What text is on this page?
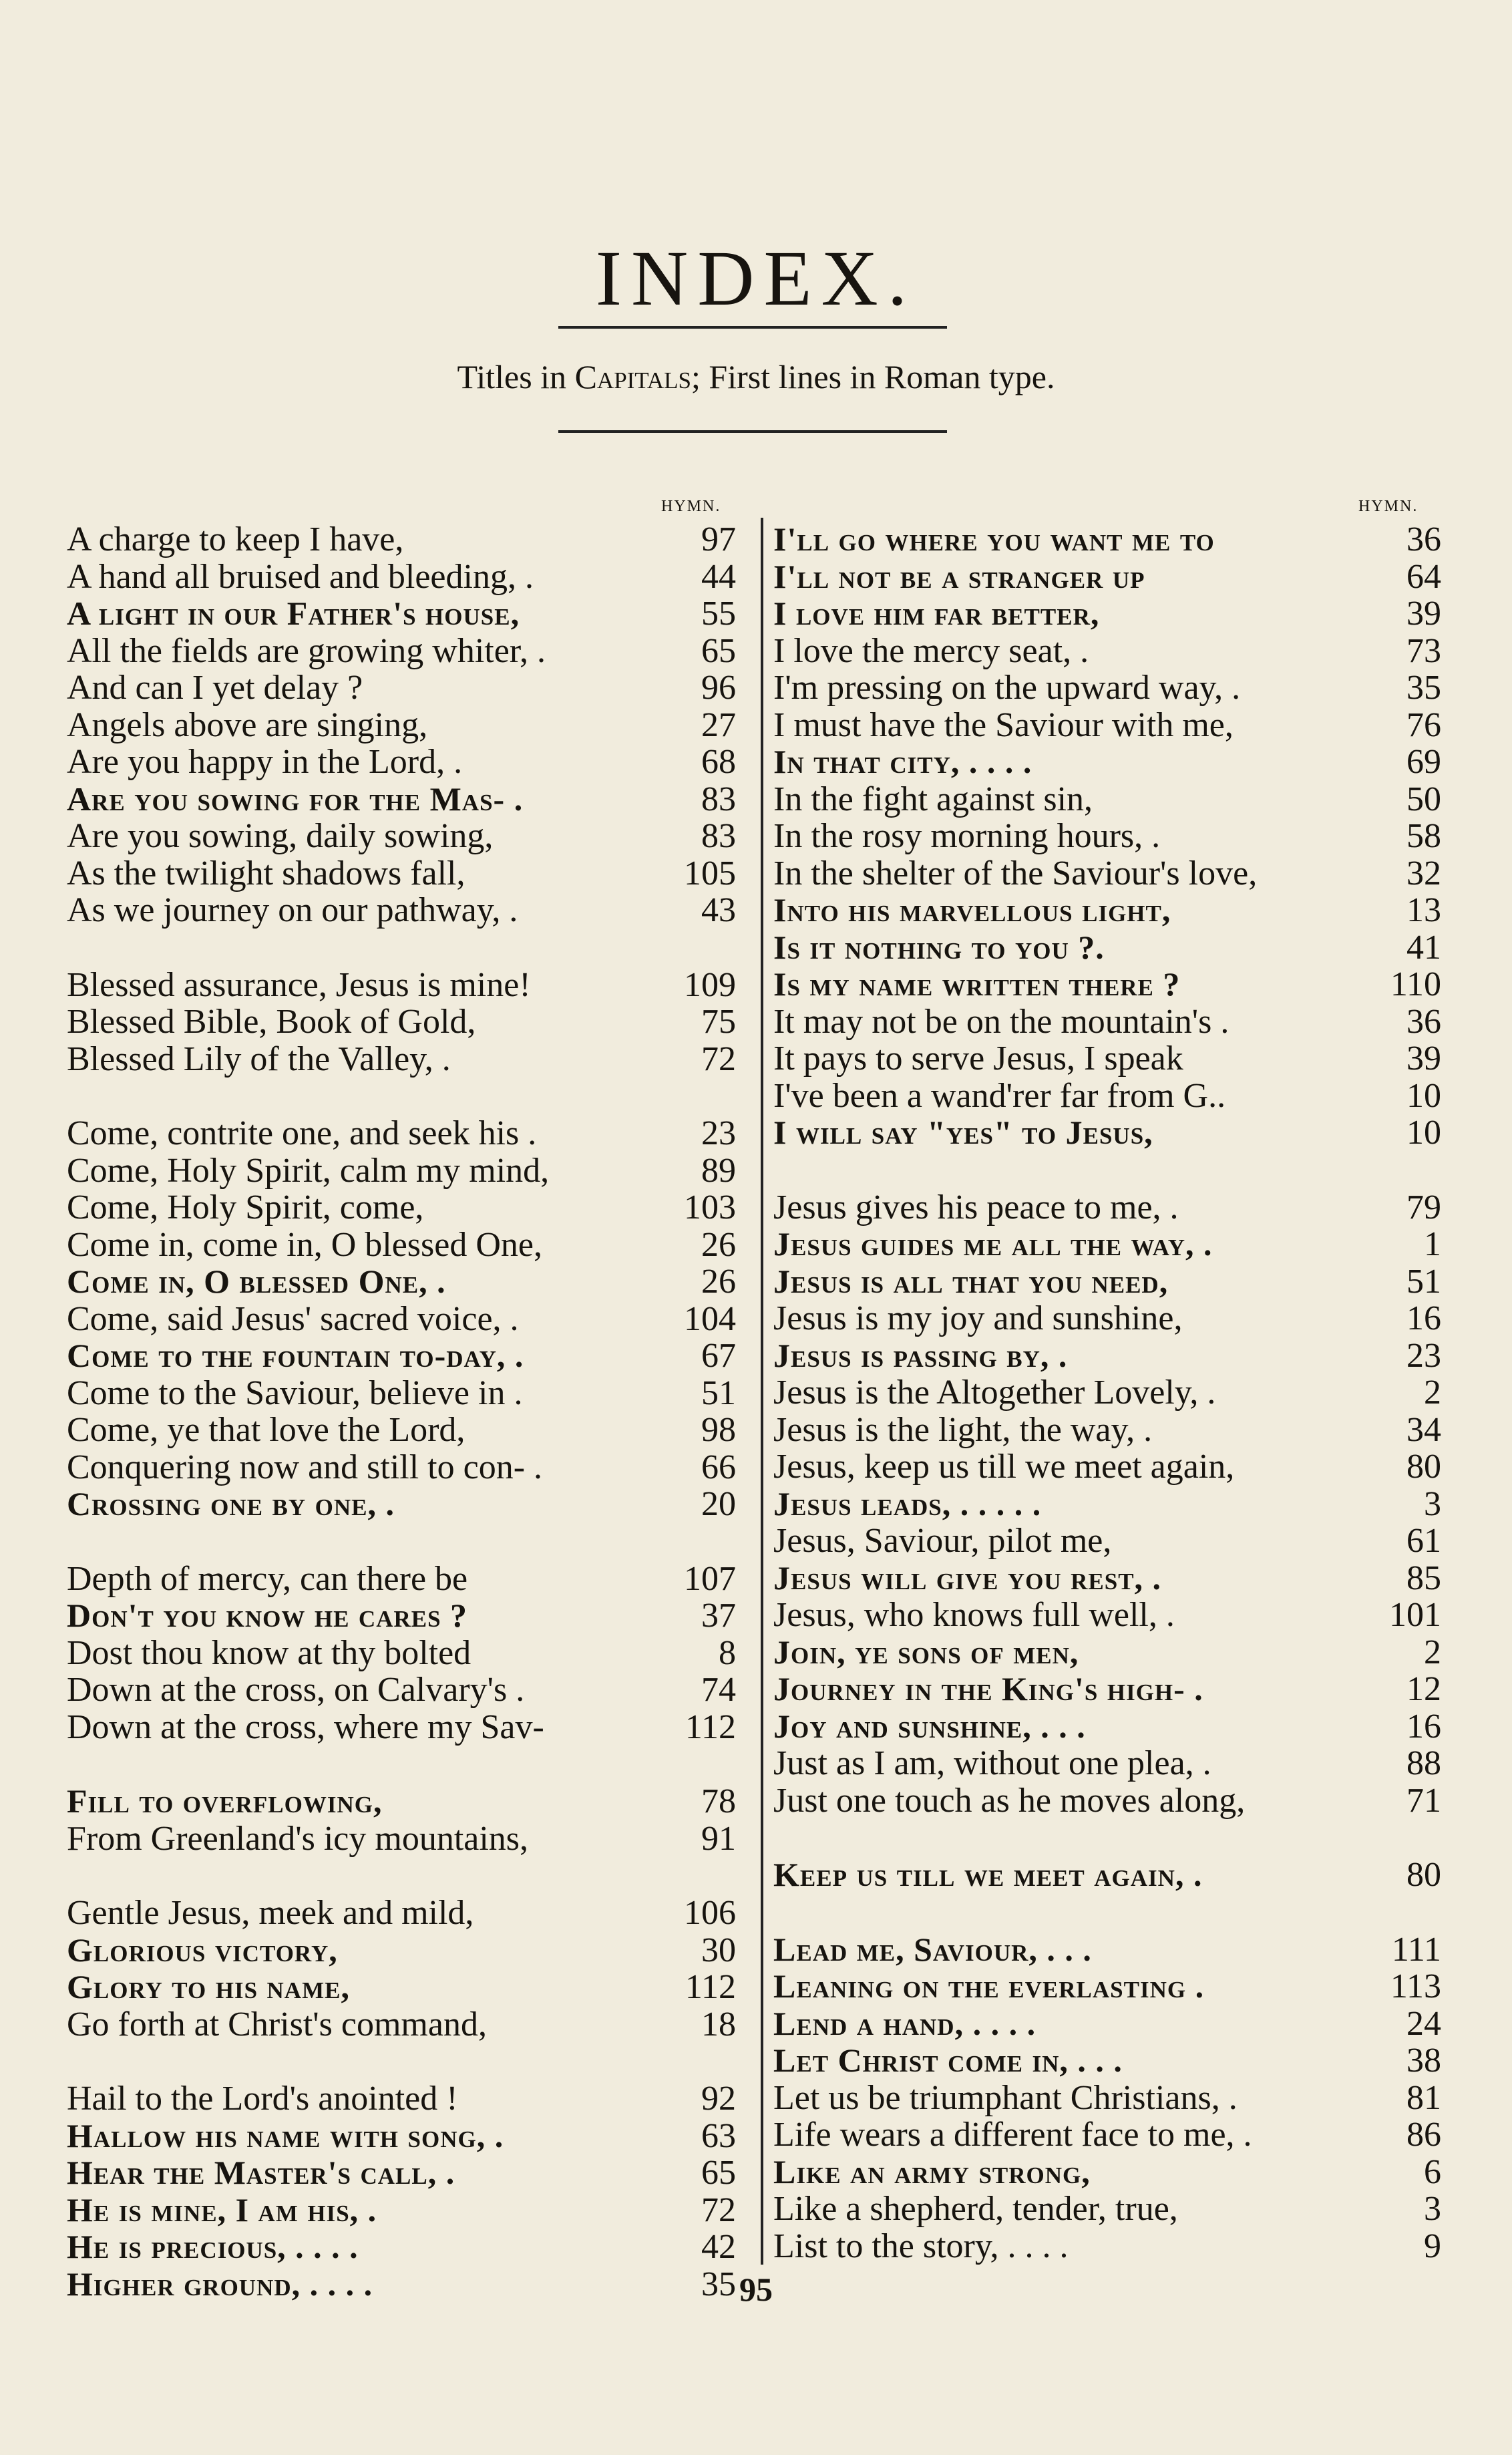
INDEX.
Titles in Capitals; First lines in Roman type.
HYMN.	HYMN.
A charge to keep I have,	97
A hand all bruised and bleeding, .	44
A light in our Father's house,	55
All the fields are growing whiter, .	65
And can I yet delay ?	96
Angels above are singing,	27
Are you happy in the Lord, .	68
Are you sowing for the Mas- .	83
Are you sowing, daily sowing,	83
As the twilight shadows fall,	105
As we journey on our pathway, .	43
Blessed assurance, Jesus is mine!	109
Blessed Bible, Book of Gold,	75
Blessed Lily of the Valley, .	72
Come, contrite one, and seek his .	23
Come, Holy Spirit, calm my mind,	89
Come, Holy Spirit, come,	103
Come in, come in, O blessed One,	26
Come in, O blessed One, .	26
Come, said Jesus' sacred voice, .	104
Come to the fountain to-day, .	67
Come to the Saviour, believe in .	51
Come, ye that love the Lord,	98
Conquering now and still to con- .	66
Crossing one by one, .	20
Depth of mercy, can there be	107
Don't you know he cares ?	37
Dost thou know at thy bolted	8
Down at the cross, on Calvary's .	74
Down at the cross, where my Sav-	112
Fill to overflowing,	78
From Greenland's icy mountains,	91
Gentle Jesus, meek and mild,	106
Glorious victory,	30
Glory to his name,	112
Go forth at Christ's command,	18
Hail to the Lord's anointed !	92
Hallow his name with song, .	63
Hear the Master's call, .	65
He is mine, I am his, .	72
He is precious, . . . .	42
Higher ground, . . . .	35
I'll go where you want me to	36
I'll not be a stranger up	64
I love him far better,	39
I love the mercy seat, .	73
I'm pressing on the upward way, .	35
I must have the Saviour with me,	76
In that city, . . . .	69
In the fight against sin,	50
In the rosy morning hours, .	58
In the shelter of the Saviour's love,	32
Into his marvellous light,	13
Is it nothing to you ?.	41
Is my name written there ?	110
It may not be on the mountain's .	36
It pays to serve Jesus, I speak	39
I've been a wand'rer far from G..	10
I will say "yes" to Jesus,	10
Jesus gives his peace to me, .	79
Jesus guides me all the way, .	1
Jesus is all that you need,	51
Jesus is my joy and sunshine,	16
Jesus is passing by, .	23
Jesus is the Altogether Lovely, .	2
Jesus is the light, the way, .	34
Jesus, keep us till we meet again,	80
Jesus leads, . . . . .	3
Jesus, Saviour, pilot me,	61
Jesus will give you rest, .	85
Jesus, who knows full well, .	101
Join, ye sons of men,	2
Journey in the King's high- .	12
Joy and sunshine, . . .	16
Just as I am, without one plea, .	88
Just one touch as he moves along,	71
Keep us till we meet again, .	80
Lead me, Saviour, . . .	111
Leaning on the everlasting .	113
Lend a hand, . . . .	24
Let Christ come in, . . .	38
Let us be triumphant Christians, .	81
Life wears a different face to me, .	86
Like an army strong,	6
Like a shepherd, tender, true,	3
List to the story, . . . .	9
95
